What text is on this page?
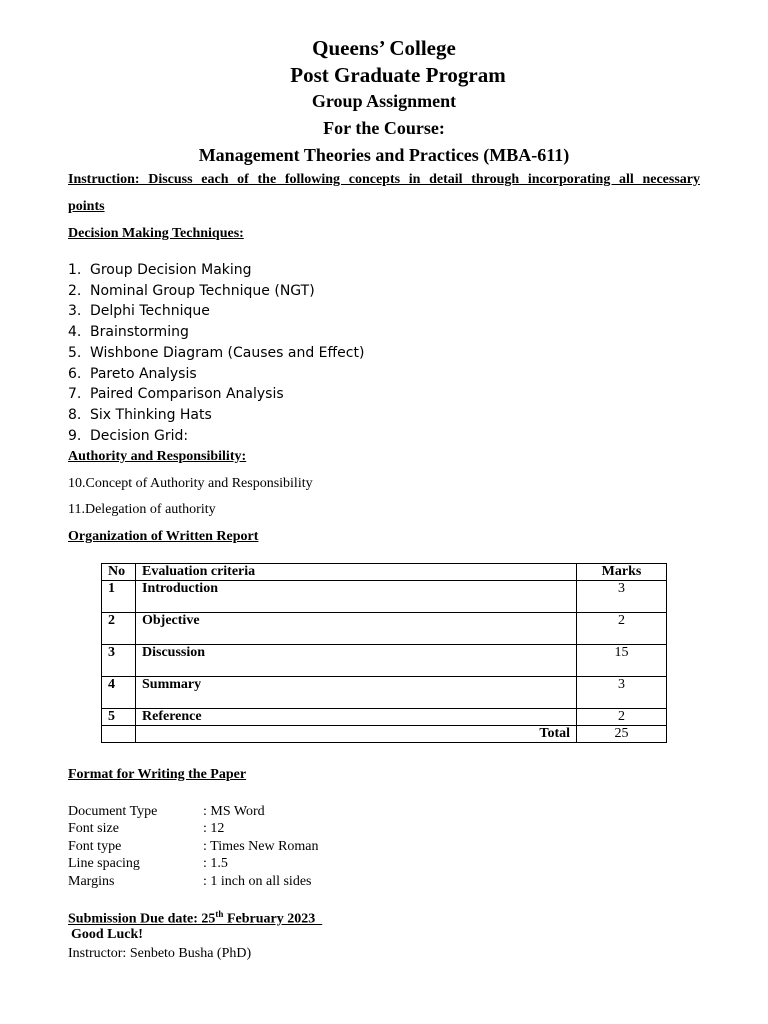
Queens’ College
Post Graduate Program
Group Assignment
For the Course:
Management Theories and Practices (MBA-611)
Instruction: Discuss each of the following concepts in detail through incorporating all necessary
points
Decision Making Techniques:
1. Group Decision Making
2. Nominal Group Technique (NGT)
3. Delphi Technique
4. Brainstorming
5. Wishbone Diagram (Causes and Effect)
6. Pareto Analysis
7. Paired Comparison Analysis
8. Six Thinking Hats
9. Decision Grid:
Authority and Responsibility:
10.Concept of Authority and Responsibility
11.Delegation of authority
Organization of Written Report
No	Evaluation criteria	Marks
1	Introduction	3
2	Objective	2
3	Discussion	15
4	Summary	3
5	Reference	2
	Total	25
Format for Writing the Paper
Document Type	: MS Word
Font size	: 12
Font type	: Times New Roman
Line spacing	: 1.5
Margins	: 1 inch on all sides
Submission Due date: 25th February 2023
Good Luck!
Instructor: Senbeto Busha (PhD)
